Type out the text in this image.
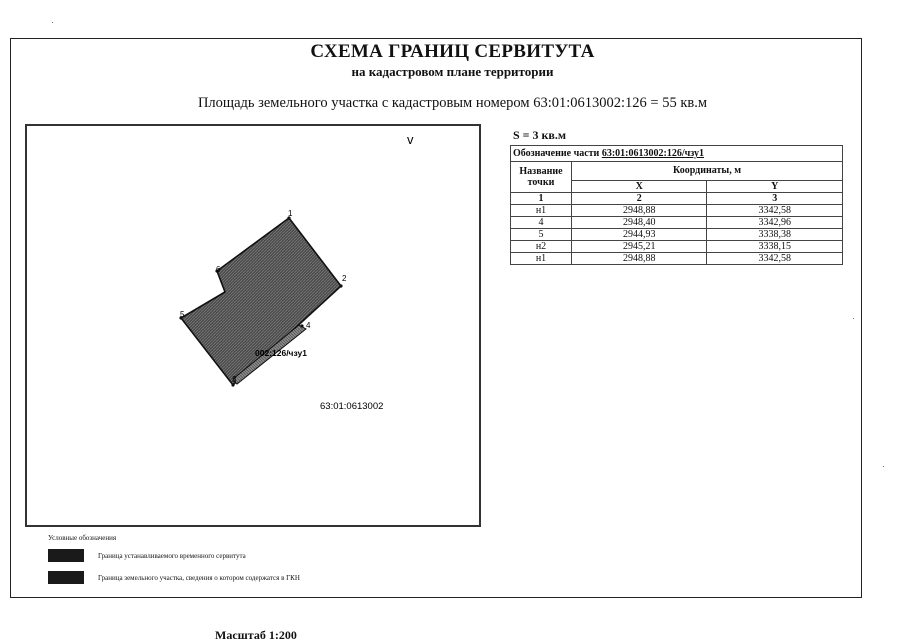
СХЕМА ГРАНИЦ СЕРВИТУТА
на кадастровом плане территории
Площадь земельного участка с кадастровым номером 63:01:0613002:126 = 55 кв.м
1
2
3
4
5
6
002:126/чзу1
63:01:0613002
v
Масштаб 1:200
S = 3 кв.м
Обозначение части 63:01:0613002:126/чзу1		
Название точки	Координаты, м	
	X	Y
1	2	3
н1	2948,88	3342,58
4	2948,40	3342,96
5	2944,93	3338,38
н2	2945,21	3338,15
н1	2948,88	3342,58
Условные обозначения
Граница устанавливаемого временного сервитута
Граница земельного участка, сведения о котором содержатся в ГКН
